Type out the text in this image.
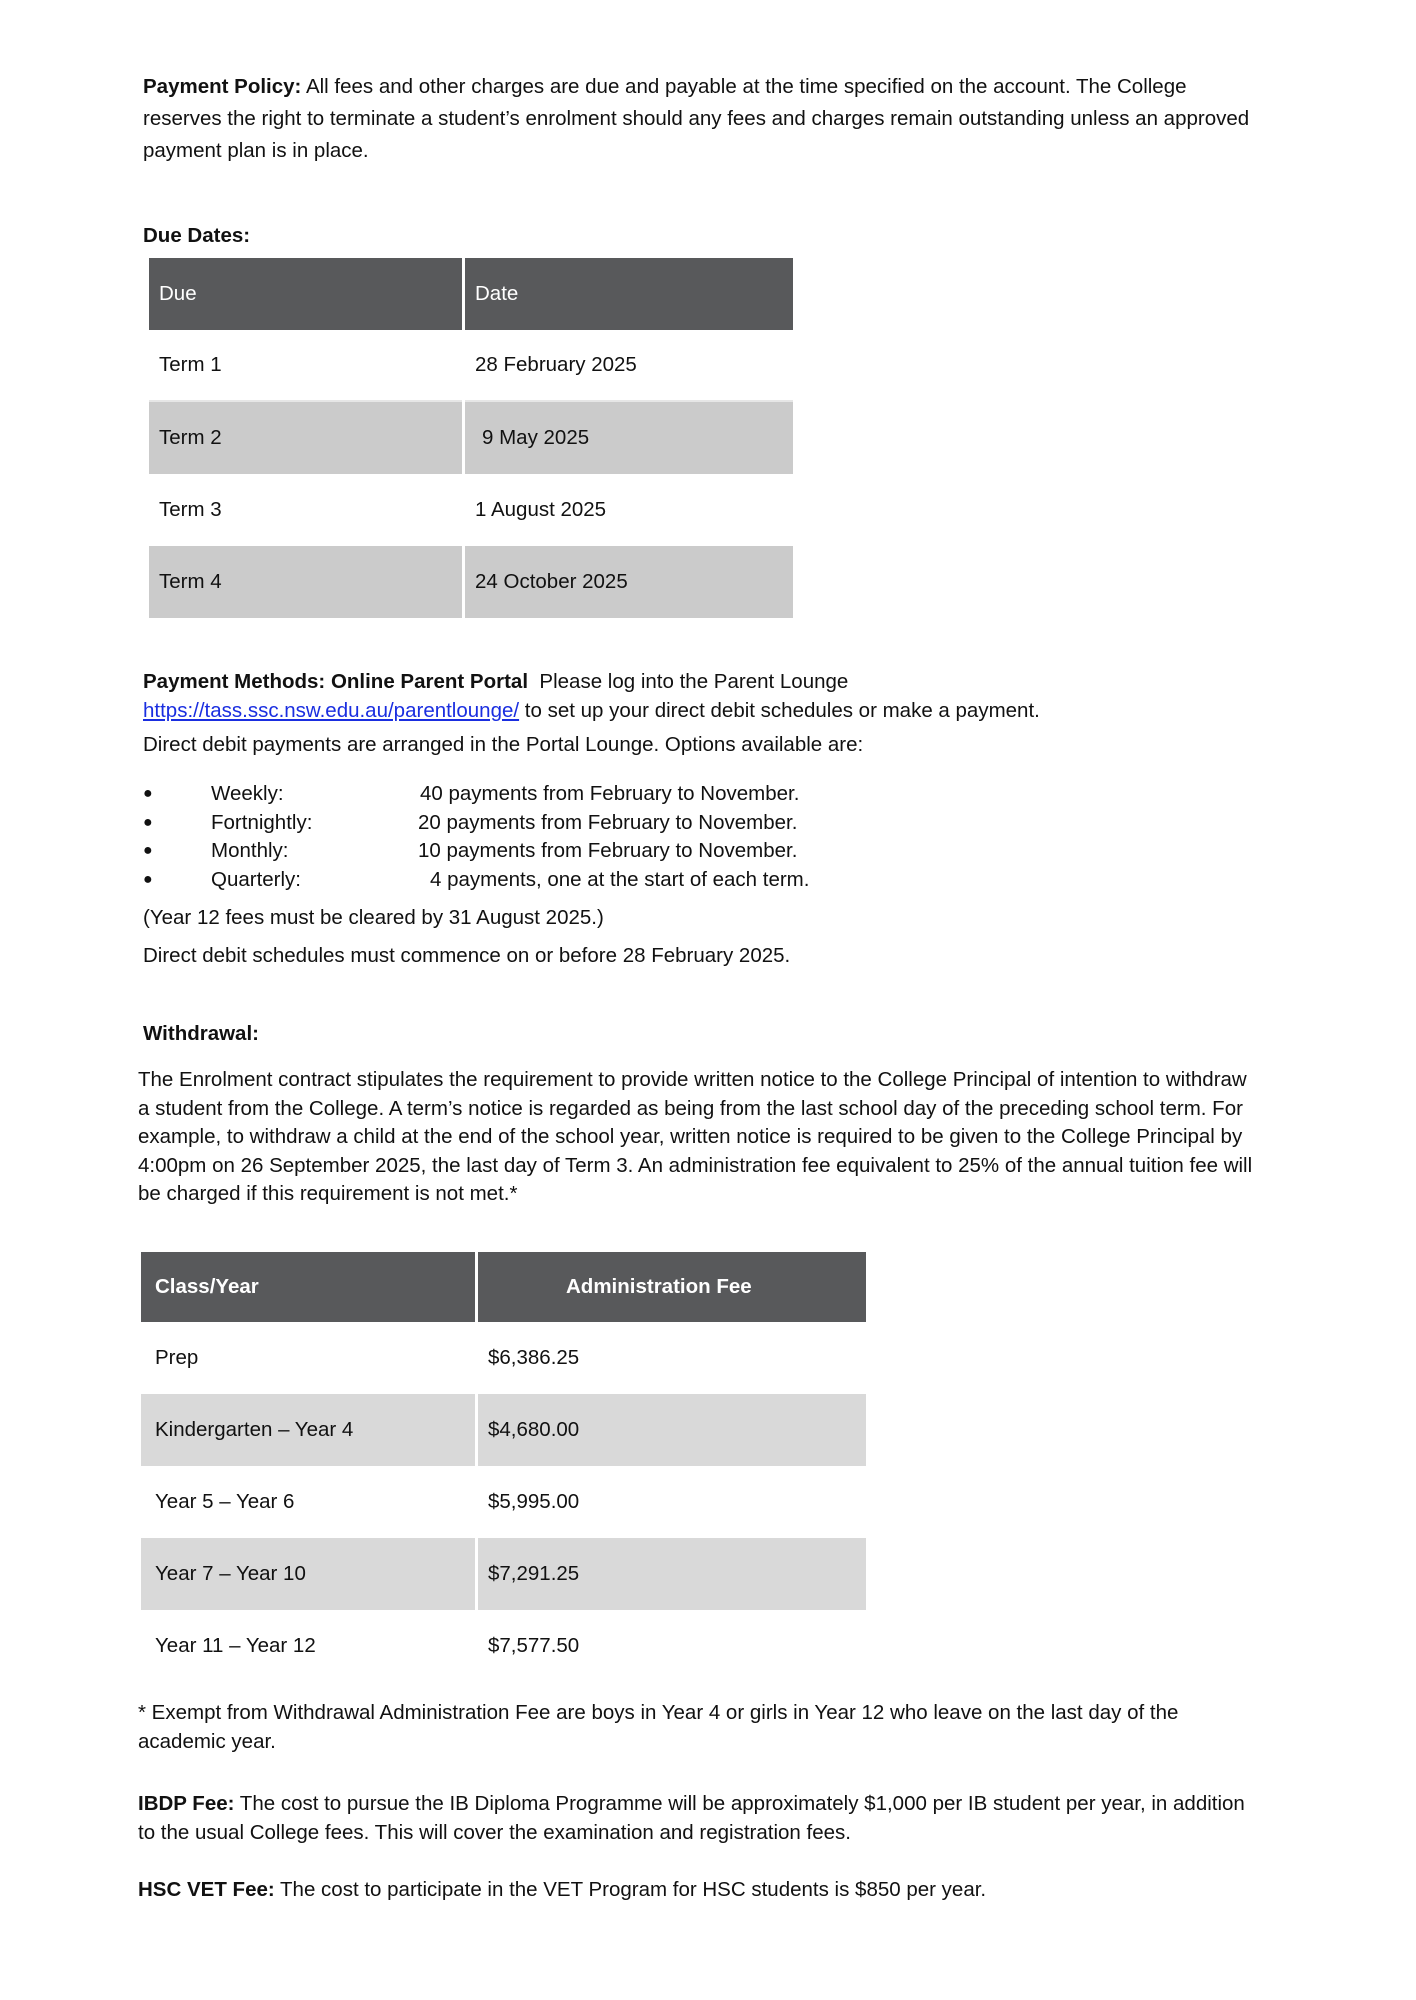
Payment Policy: All fees and other charges are due and payable at the time specified on the account. The College reserves the right to terminate a student’s enrolment should any fees and charges remain outstanding unless an approved payment plan is in place.
Due Dates:
Due	Date
Term 1	28 February 2025
Term 2	9 May 2025
Term 3	1 August 2025
Term 4	24 October 2025
Payment Methods: Online Parent Portal Please log into the Parent Lounge
https://tass.ssc.nsw.edu.au/parentlounge/ to set up your direct debit schedules or make a payment.
Direct debit payments are arranged in the Portal Lounge. Options available are:
●	Weekly:	40 payments from February to November.
●	Fortnightly:	20 payments from February to November.
●	Monthly:	10 payments from February to November.
●	Quarterly:	4 payments, one at the start of each term.
(Year 12 fees must be cleared by 31 August 2025.)
Direct debit schedules must commence on or before 28 February 2025.
Withdrawal:
The Enrolment contract stipulates the requirement to provide written notice to the College Principal of intention to withdraw a student from the College. A term’s notice is regarded as being from the last school day of the preceding school term. For example, to withdraw a child at the end of the school year, written notice is required to be given to the College Principal by 4:00pm on 26 September 2025, the last day of Term 3. An administration fee equivalent to 25% of the annual tuition fee will be charged if this requirement is not met.*
Class/Year	Administration Fee
Prep	$6,386.25
Kindergarten – Year 4	$4,680.00
Year 5 – Year 6	$5,995.00
Year 7 – Year 10	$7,291.25
Year 11 – Year 12	$7,577.50
* Exempt from Withdrawal Administration Fee are boys in Year 4 or girls in Year 12 who leave on the last day of the academic year.
IBDP Fee: The cost to pursue the IB Diploma Programme will be approximately $1,000 per IB student per year, in addition to the usual College fees. This will cover the examination and registration fees.
HSC VET Fee: The cost to participate in the VET Program for HSC students is $850 per year.
